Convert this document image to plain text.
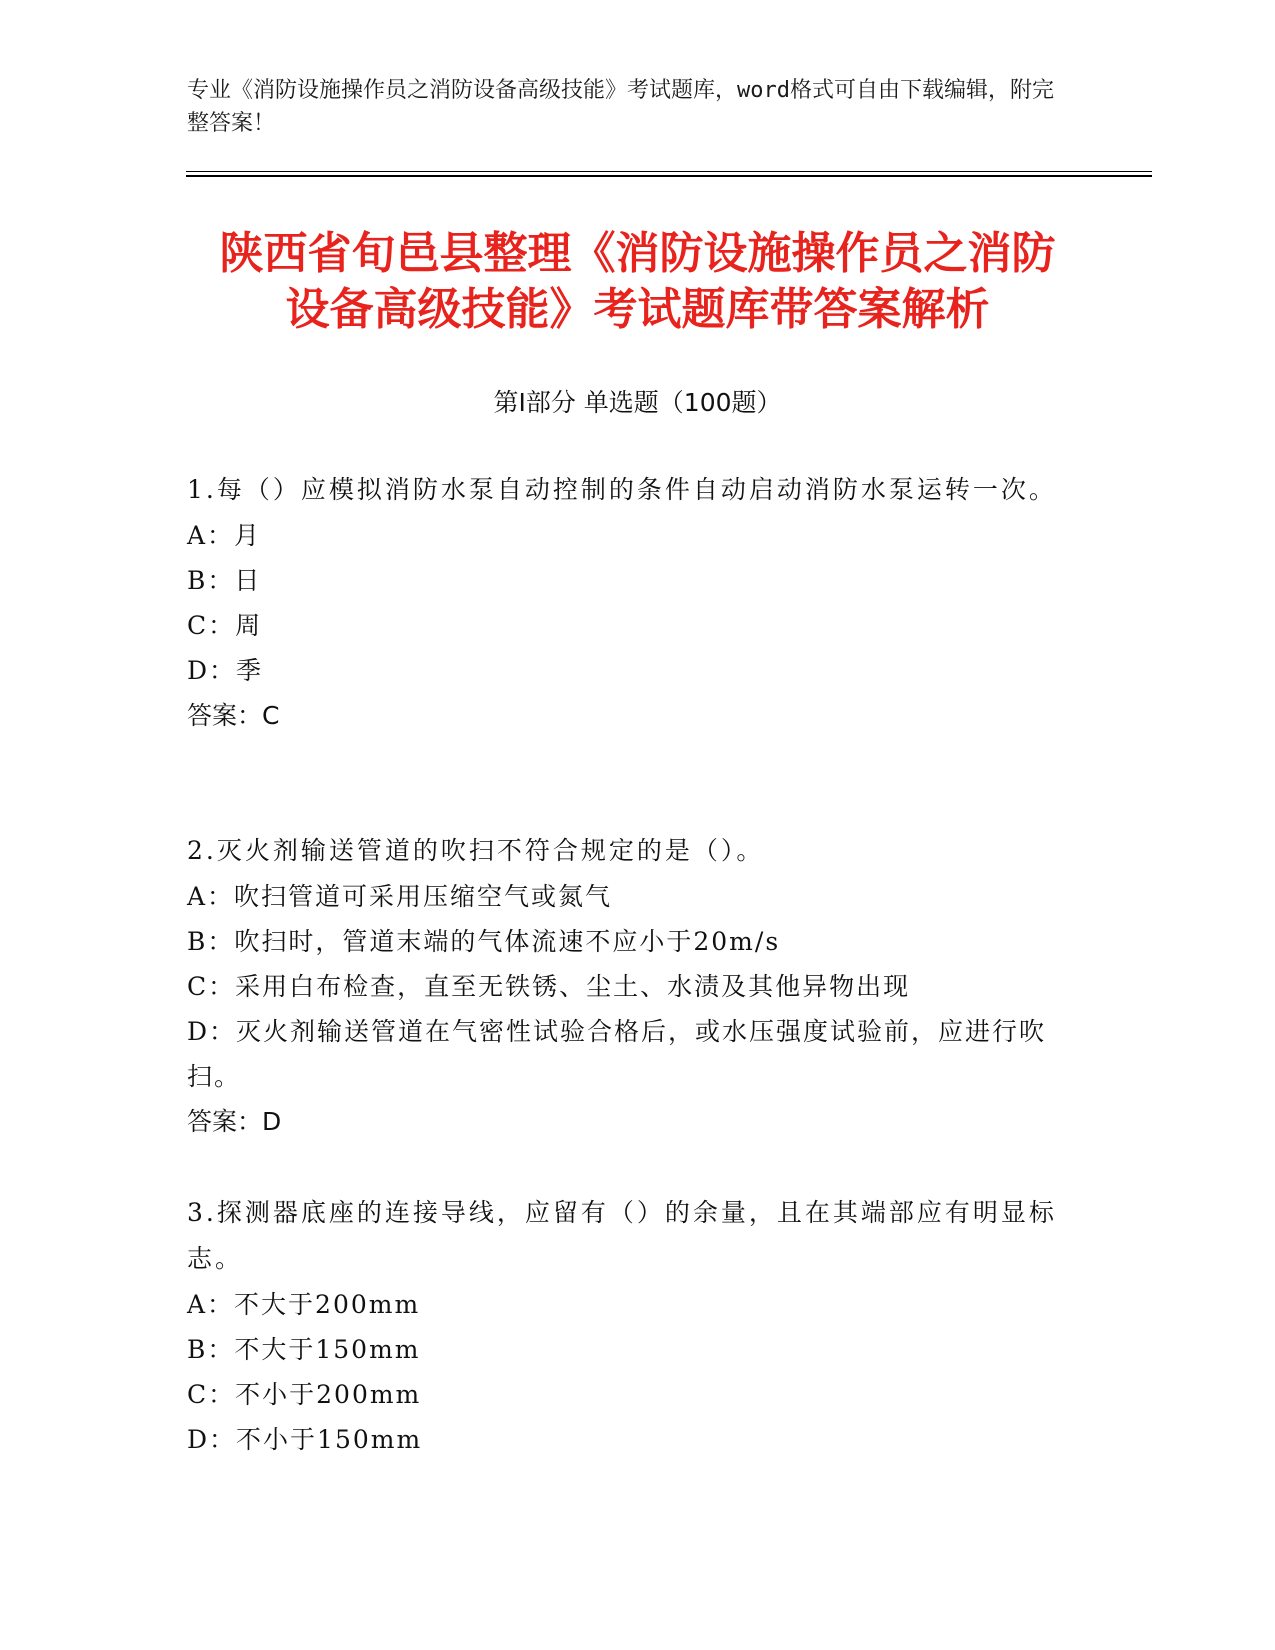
专业《消防设施操作员之消防设备高级技能》考试题库，word格式可自由下载编辑，附完整答案！
陕西省旬邑县整理《消防设施操作员之消防
设备高级技能》考试题库带答案解析
第Ⅰ部分 单选题（100题）

1.每（）应模拟消防水泵自动控制的条件自动启动消防水泵运转一次。

A：月

B：日

C：周

D：季

答案：C

2.灭火剂输送管道的吹扫不符合规定的是（）。

A：吹扫管道可采用压缩空气或氮气

B：吹扫时，管道末端的气体流速不应小于20m/s

C：采用白布检查，直至无铁锈、尘土、水渍及其他异物出现

D：灭火剂输送管道在气密性试验合格后，或水压强度试验前，应进行吹扫。

答案：D

3.探测器底座的连接导线，应留有（）的余量，且在其端部应有明显标志。

A：不大于200mm

B：不大于150mm

C：不小于200mm

D：不小于150mm
